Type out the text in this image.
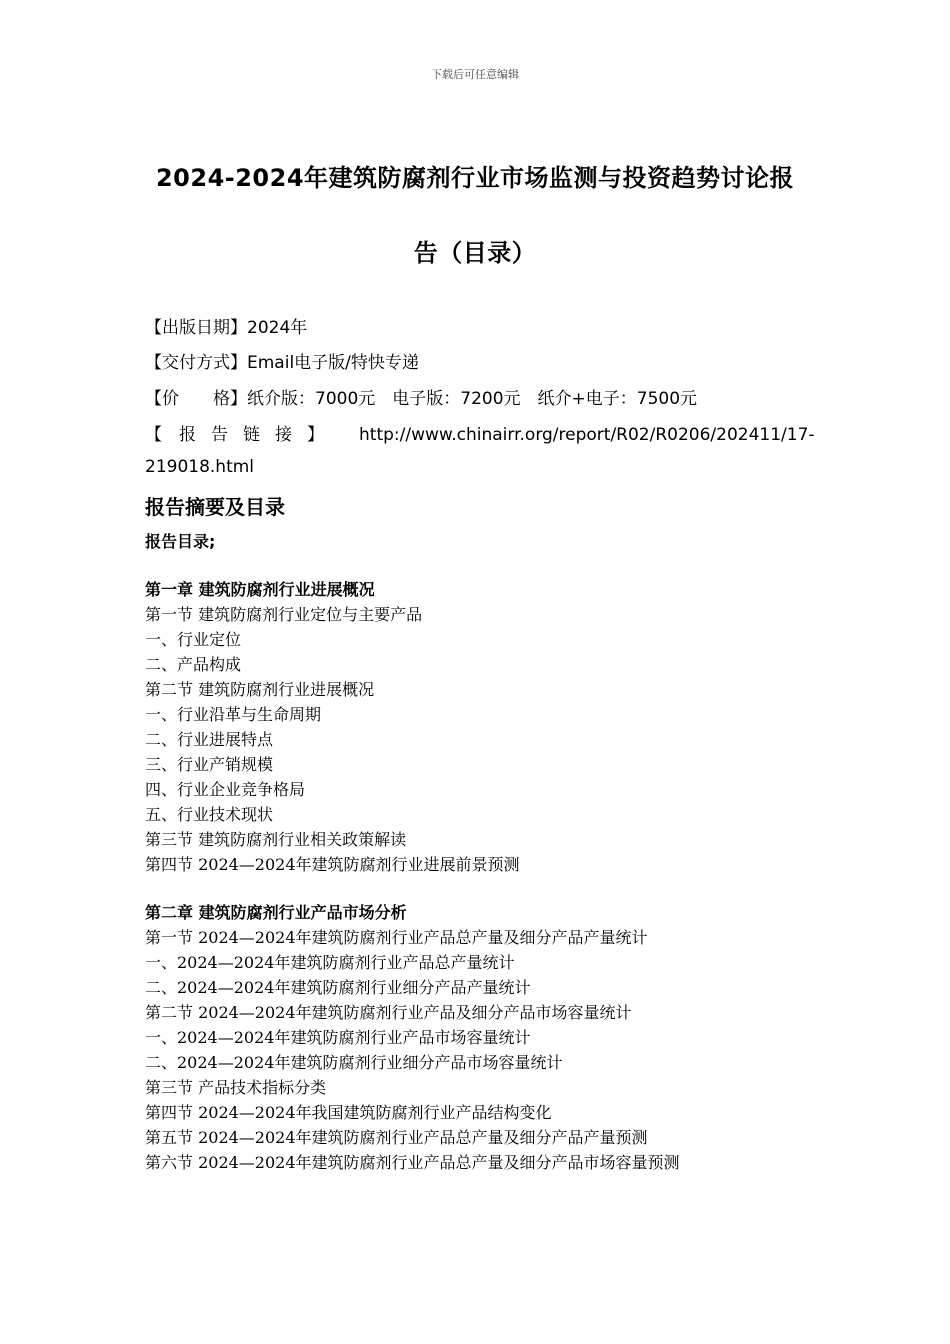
下载后可任意编辑
2024-2024年建筑防腐剂行业市场监测与投资趋势讨论报
告（目录）
【出版日期】2024年
【交付方式】Email电子版/特快专递
【价　　格】纸介版：7000元　电子版：7200元　纸介+电子：7500元
【 报 告 链 接 】 http://www.chinairr.org/report/R02/R0206/202411/17-
219018.html
报告摘要及目录
报告目录;
第一章 建筑防腐剂行业进展概况
第一节 建筑防腐剂行业定位与主要产品
一、行业定位
二、产品构成
第二节 建筑防腐剂行业进展概况
一、行业沿革与生命周期
二、行业进展特点
三、行业产销规模
四、行业企业竞争格局
五、行业技术现状
第三节 建筑防腐剂行业相关政策解读
第四节 2024—2024年建筑防腐剂行业进展前景预测
第二章 建筑防腐剂行业产品市场分析
第一节 2024—2024年建筑防腐剂行业产品总产量及细分产品产量统计
一、2024—2024年建筑防腐剂行业产品总产量统计
二、2024—2024年建筑防腐剂行业细分产品产量统计
第二节 2024—2024年建筑防腐剂行业产品及细分产品市场容量统计
一、2024—2024年建筑防腐剂行业产品市场容量统计
二、2024—2024年建筑防腐剂行业细分产品市场容量统计
第三节 产品技术指标分类
第四节 2024—2024年我国建筑防腐剂行业产品结构变化
第五节 2024—2024年建筑防腐剂行业产品总产量及细分产品产量预测
第六节 2024—2024年建筑防腐剂行业产品总产量及细分产品市场容量预测
